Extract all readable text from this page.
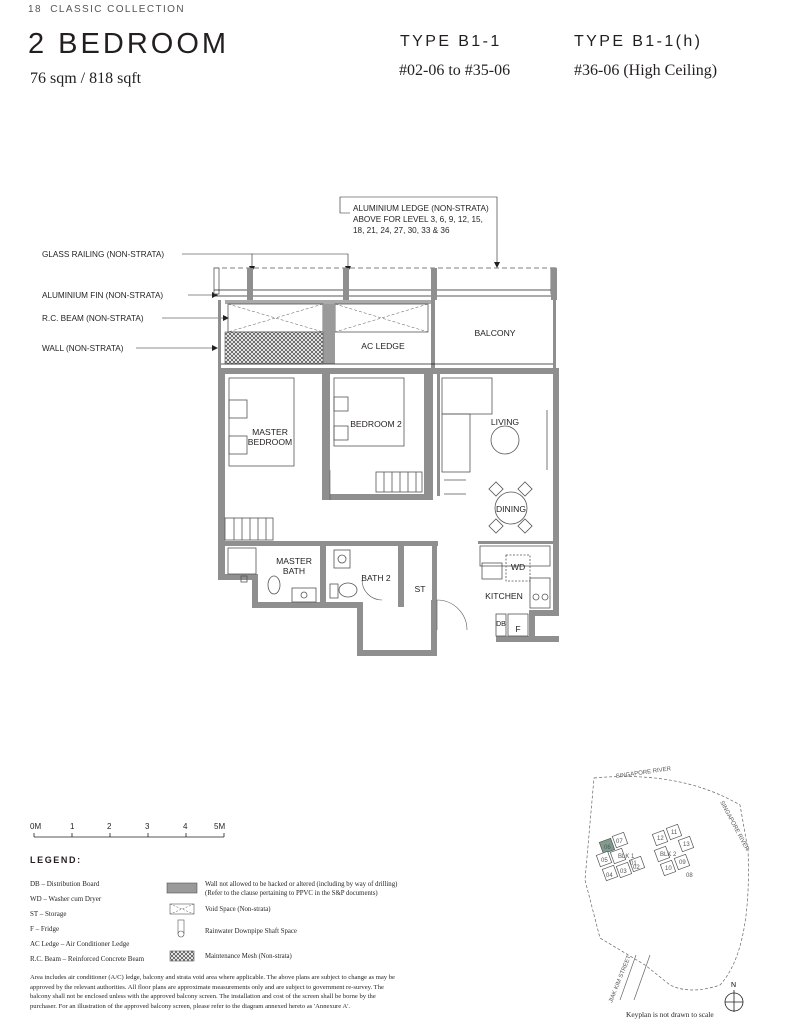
18 CLASSIC COLLECTION
2 BEDROOM
76 sqm / 818 sqft
TYPE B1-1
#02-06 to #35-06
TYPE B1-1(h)
#36-06 (High Ceiling)
ALUMINIUM LEDGE (NON-STRATA)
ABOVE FOR LEVEL 3, 6, 9, 12, 15,
18, 21, 24, 27, 30, 33 & 36
GLASS RAILING (NON-STRATA)
ALUMINIUM FIN (NON-STRATA)
R.C. BEAM (NON-STRATA)
WALL (NON-STRATA)
SINGAPORE RIVER
SINGAPORE RIVER
JIAK KIM STREET
06
07
05	01
04
03
02
BLK 1
12
11
13
09
10
08
BLK 2
N
AC LEDGE
BALCONY
MASTER BEDROOM
BEDROOM 2	LIVING
DINING
MASTER BATH
BATH 2
ST
WD
KITCHEN
DB	F
0M	1	2	3	4	5M
LEGEND:
DB – Distribution Board
WD – Washer cum Dryer
ST – Storage
F – Fridge
AC Ledge – Air Conditioner Ledge
R.C. Beam – Reinforced Concrete Beam
Wall not allowed to be hacked or altered (including by way of drilling)
(Refer to the clause pertaining to PPVC in the S&P documents)
Void Space (Non-strata)
Rainwater Downpipe Shaft Space
Maintenance Mesh (Non-strata)
Area includes air conditioner (A/C) ledge, balcony and strata void area where applicable. The above plans are subject to change as may be approved by the relevant authorities. All floor plans are approximate measurements only and are subject to government re-survey. The balcony shall not be enclosed unless with the approved balcony screen. The installation and cost of the screen shall be borne by the purchaser. For an illustration of the approved balcony screen, please refer to the diagram annexed hereto as 'Annexure A'.
Keyplan is not drawn to scale
